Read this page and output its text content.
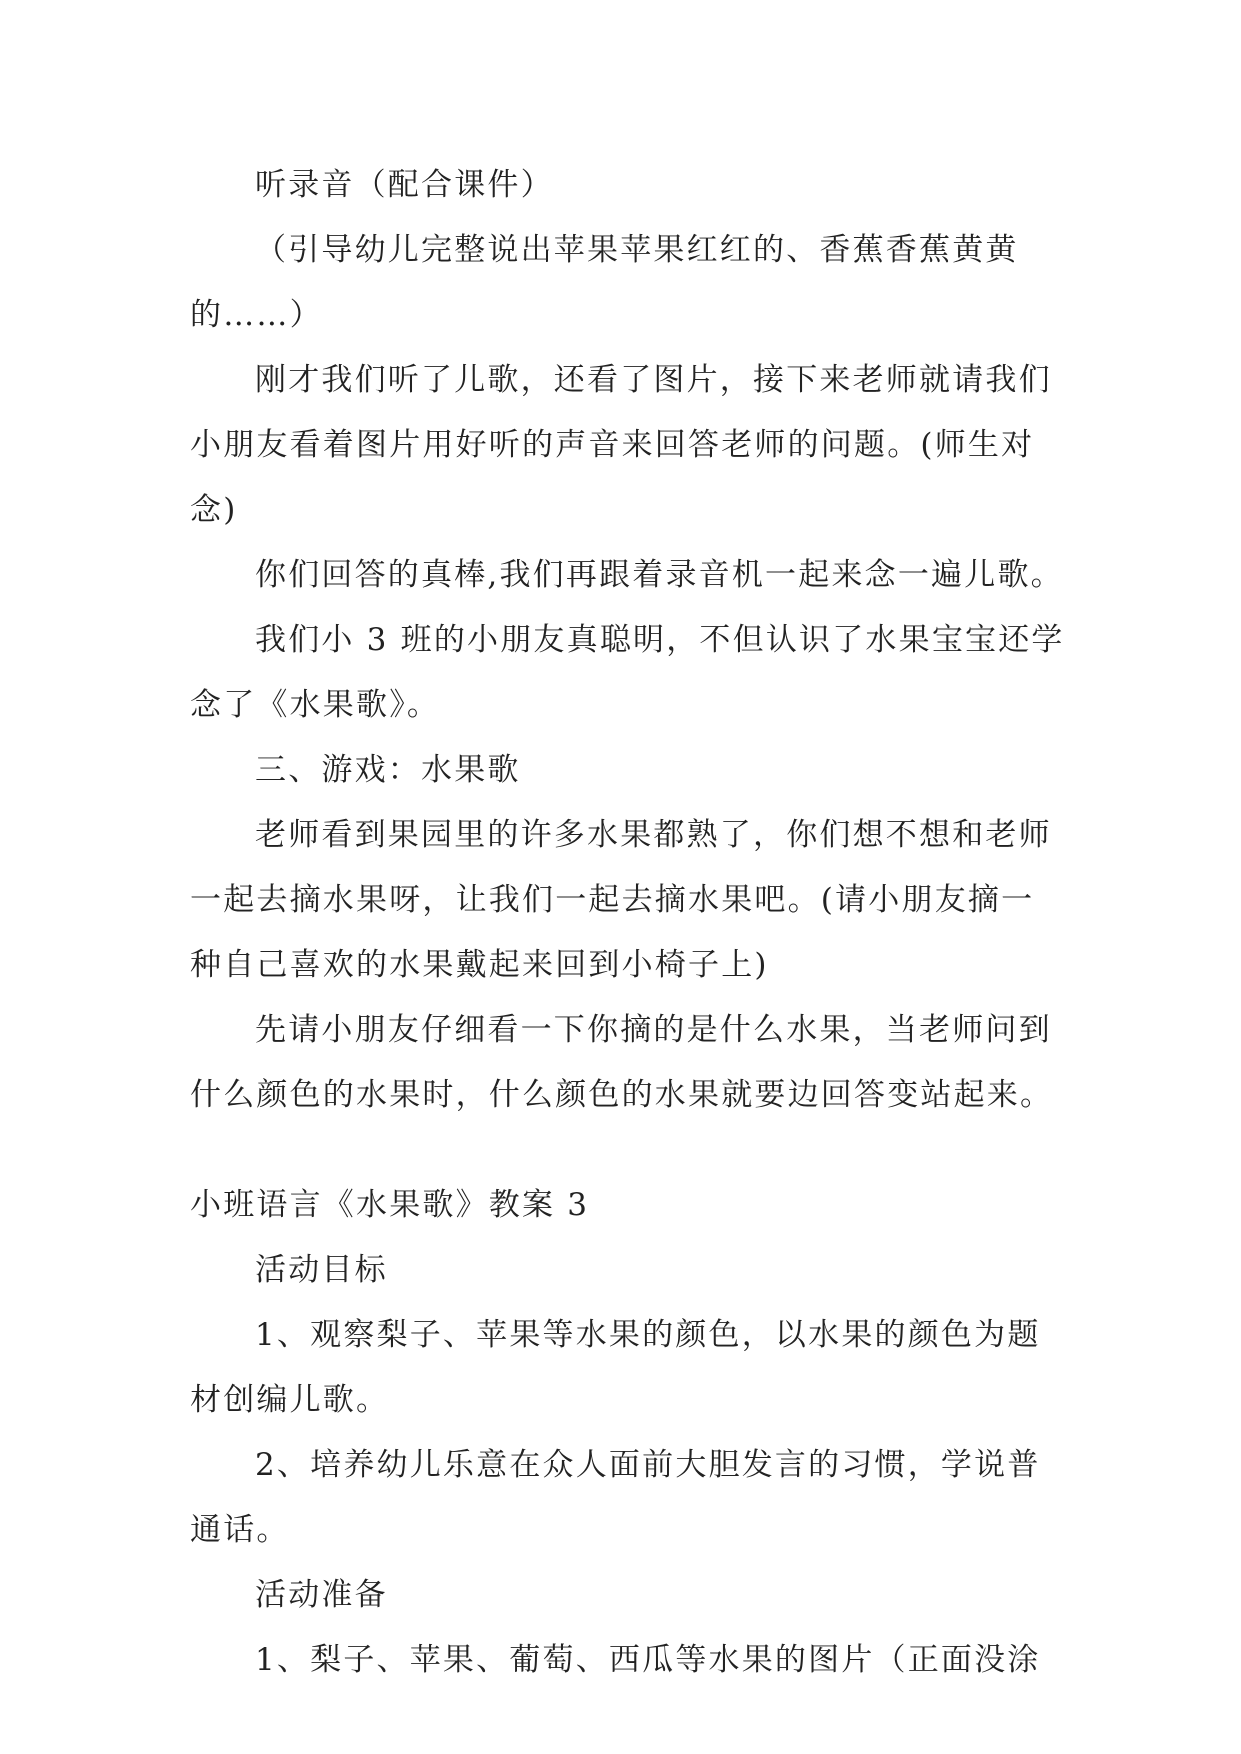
听录音（配合课件）
（引导幼儿完整说出苹果苹果红红的、香蕉香蕉黄黄
的……）
刚才我们听了儿歌，还看了图片，接下来老师就请我们
小朋友看着图片用好听的声音来回答老师的问题。(师生对
念)
你们回答的真棒,我们再跟着录音机一起来念一遍儿歌。
我们小 3 班的小朋友真聪明，不但认识了水果宝宝还学
念了《水果歌》。
三、游戏：水果歌
老师看到果园里的许多水果都熟了，你们想不想和老师
一起去摘水果呀，让我们一起去摘水果吧。(请小朋友摘一
种自己喜欢的水果戴起来回到小椅子上)
先请小朋友仔细看一下你摘的是什么水果，当老师问到
什么颜色的水果时，什么颜色的水果就要边回答变站起来。
小班语言《水果歌》教案 3
活动目标
1、观察梨子、苹果等水果的颜色，以水果的颜色为题
材创编儿歌。
2、培养幼儿乐意在众人面前大胆发言的习惯，学说普
通话。
活动准备
1、梨子、苹果、葡萄、西瓜等水果的图片（正面没涂
